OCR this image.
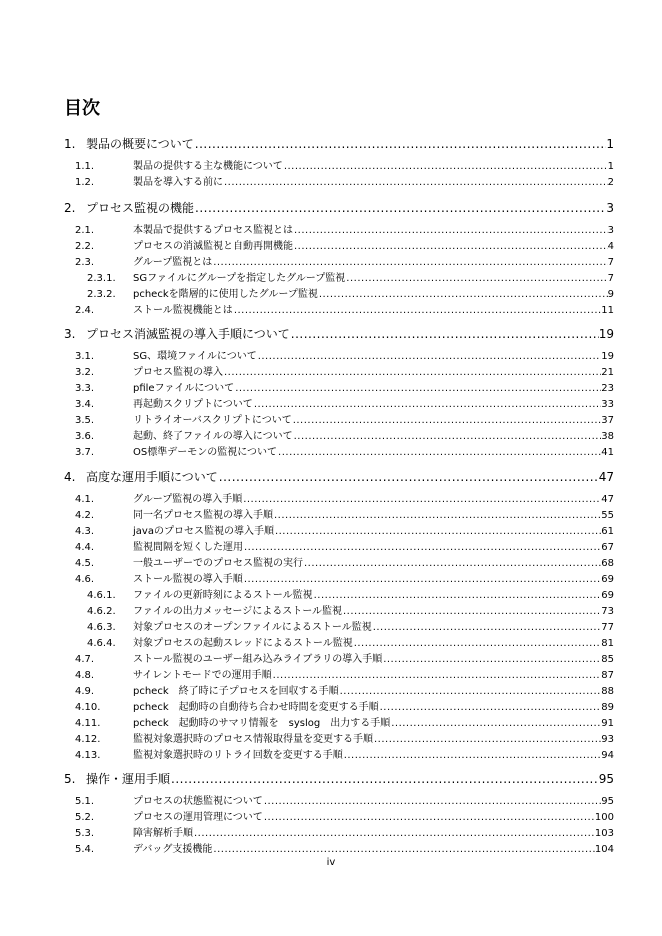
目次
1. 製品の概要について .....	1
1.1.	製品の提供する主な機能について .....	1
1.2.	製品を導入する前に .....	2
2. プロセス監視の機能 .....	3
2.1.	本製品で提供するプロセス監視とは .....	3
2.2.	プロセスの消滅監視と自動再開機能 .....	4
2.3.	グループ監視とは .....	7
2.3.1. SGファイルにグループを指定したグループ監視 .....	7
2.3.2. pcheckを階層的に使用したグループ監視 .....	9
2.4.	ストール監視機能とは .....	11
3. プロセス消滅監視の導入手順について .....	19
3.1.	SG、環境ファイルについて .....	19
3.2.	プロセス監視の導入 .....	21
3.3.	pfileファイルについて .....	23
3.4.	再起動スクリプトについて .....	33
3.5.	リトライオーバスクリプトについて .....	37
3.6.	起動、終了ファイルの導入について .....	38
3.7.	OS標準デーモンの監視について .....	41
4. 高度な運用手順について .....	47
4.1.	グループ監視の導入手順 .....	47
4.2.	同一名プロセス監視の導入手順 .....	55
4.3.	javaのプロセス監視の導入手順 .....	61
4.4.	監視間隔を短くした運用 .....	67
4.5.	一般ユーザーでのプロセス監視の実行 .....	68
4.6.	ストール監視の導入手順 .....	69
4.6.1. ファイルの更新時刻によるストール監視 .....	69
4.6.2. ファイルの出力メッセージによるストール監視 .....	73
4.6.3. 対象プロセスのオープンファイルによるストール監視 .....	77
4.6.4. 対象プロセスの起動スレッドによるストール監視 .....	81
4.7.	ストール監視のユーザー組み込みライブラリの導入手順 .....	85
4.8.	サイレントモードでの運用手順 .....	87
4.9.	pcheck　終了時に子プロセスを回収する手順 .....	88
4.10.	pcheck　起動時の自動待ち合わせ時間を変更する手順 .....	89
4.11.	pcheck　起動時のサマリ情報を　syslog　出力する手順 .....	91
4.12.	監視対象選択時のプロセス情報取得量を変更する手順 .....	93
4.13.	監視対象選択時のリトライ回数を変更する手順 .....	94
5. 操作・運用手順 .....	95
5.1.	プロセスの状態監視について .....	95
5.2.	プロセスの運用管理について .....	100
5.3.	障害解析手順 .....	103
5.4.	デバッグ支援機能 .....	104
iv
